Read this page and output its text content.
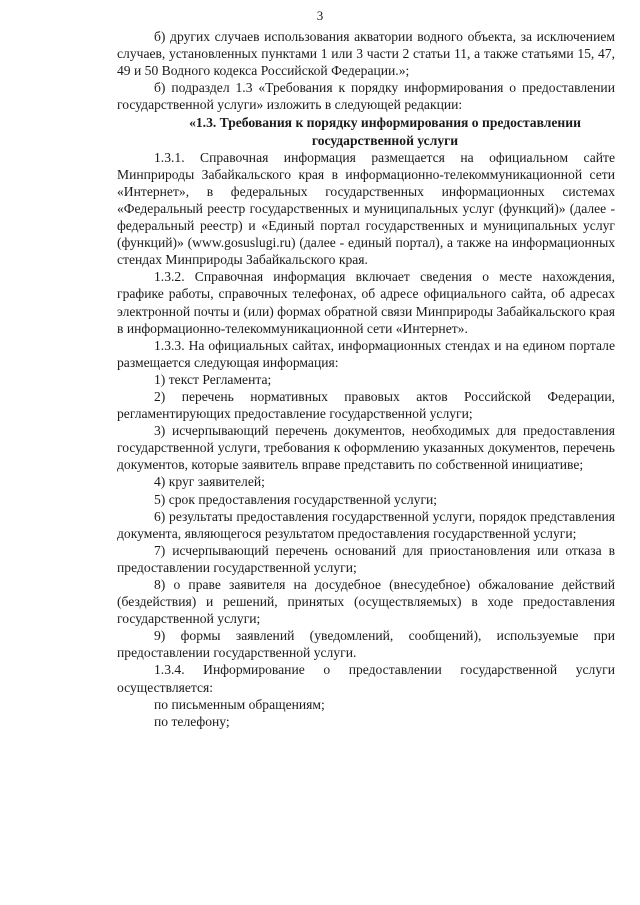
3

б) других случаев использования акватории водного объекта, за исключением случаев, установленных пунктами 1 или 3 части 2 статьи 11, а также статьями 15, 47, 49 и 50 Водного кодекса Российской Федерации.»;

б) подраздел 1.3 «Требования к порядку информирования о предоставлении государственной услуги» изложить в следующей редакции:

«1.3. Требования к порядку информирования о предоставлении государственной услуги

1.3.1. Справочная информация размещается на официальном сайте Минприроды Забайкальского края в информационно-телекоммуникационной сети «Интернет», в федеральных государственных информационных системах «Федеральный реестр государственных и муниципальных услуг (функций)» (далее - федеральный реестр) и «Единый портал государственных и муниципальных услуг (функций)» (www.gosuslugi.ru) (далее - единый портал), а также на информационных стендах Минприроды Забайкальского края.

1.3.2. Справочная информация включает сведения о месте нахождения, графике работы, справочных телефонах, об адресе официального сайта, об адресах электронной почты и (или) формах обратной связи Минприроды Забайкальского края в информационно-телекоммуникационной сети «Интернет».

1.3.3. На официальных сайтах, информационных стендах и на едином портале размещается следующая информация:

1) текст Регламента;

2) перечень нормативных правовых актов Российской Федерации, регламентирующих предоставление государственной услуги;

3) исчерпывающий перечень документов, необходимых для предоставления государственной услуги, требования к оформлению указанных документов, перечень документов, которые заявитель вправе представить по собственной инициативе;

4) круг заявителей;

5) срок предоставления государственной услуги;

6) результаты предоставления государственной услуги, порядок представления документа, являющегося результатом предоставления государственной услуги;

7) исчерпывающий перечень оснований для приостановления или отказа в предоставлении государственной услуги;

8) о праве заявителя на досудебное (внесудебное) обжалование действий (бездействия) и решений, принятых (осуществляемых) в ходе предоставления государственной услуги;

9) формы заявлений (уведомлений, сообщений), используемые при предоставлении государственной услуги.

1.3.4. Информирование о предоставлении государственной услуги осуществляется:

по письменным обращениям;

по телефону;
